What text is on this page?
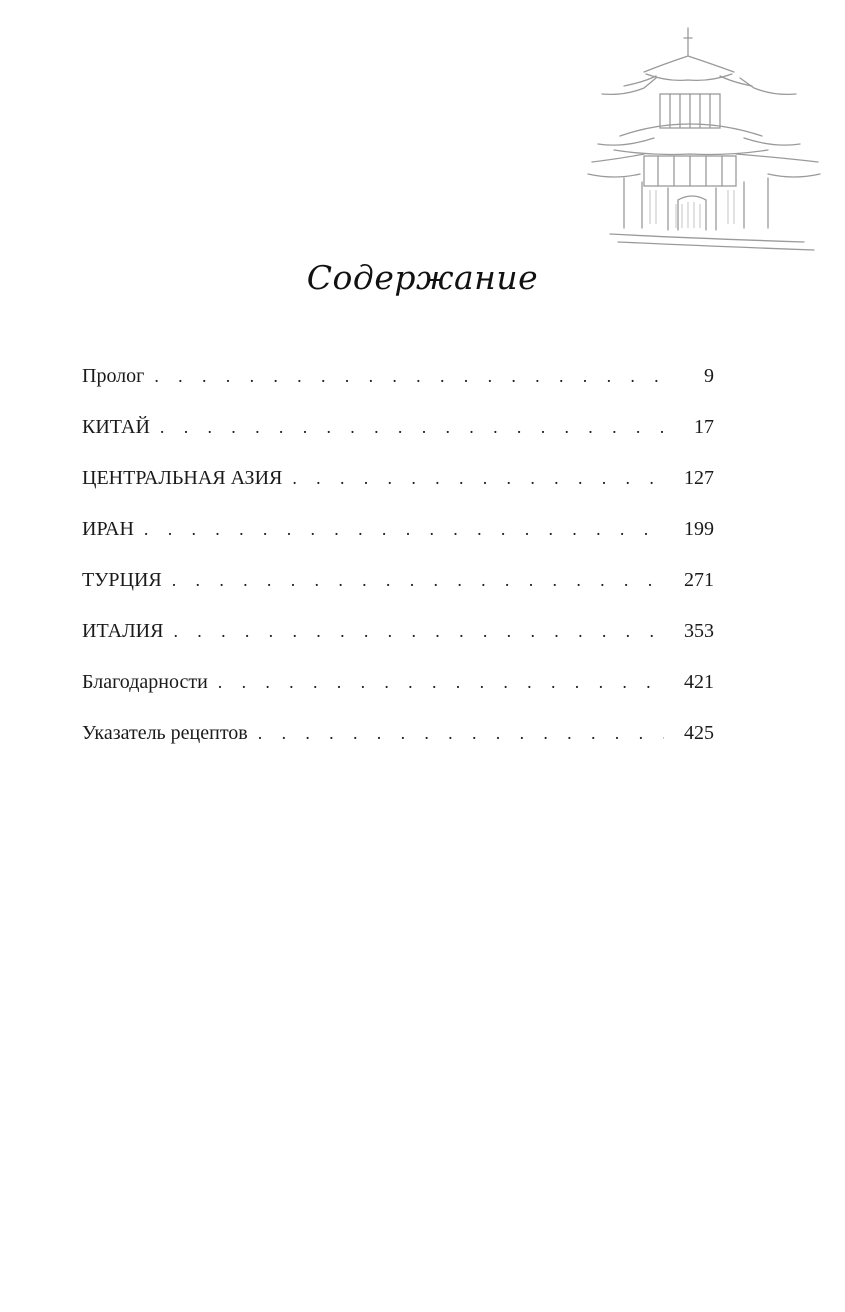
Содержание
Пролог . . .	9
КИТАЙ . . .	17
ЦЕНТРАЛЬНАЯ АЗИЯ . . .	127
ИРАН . . .	199
ТУРЦИЯ . . .	271
ИТАЛИЯ . . .	353
Благодарности . . .	421
Указатель рецептов . . .	425
